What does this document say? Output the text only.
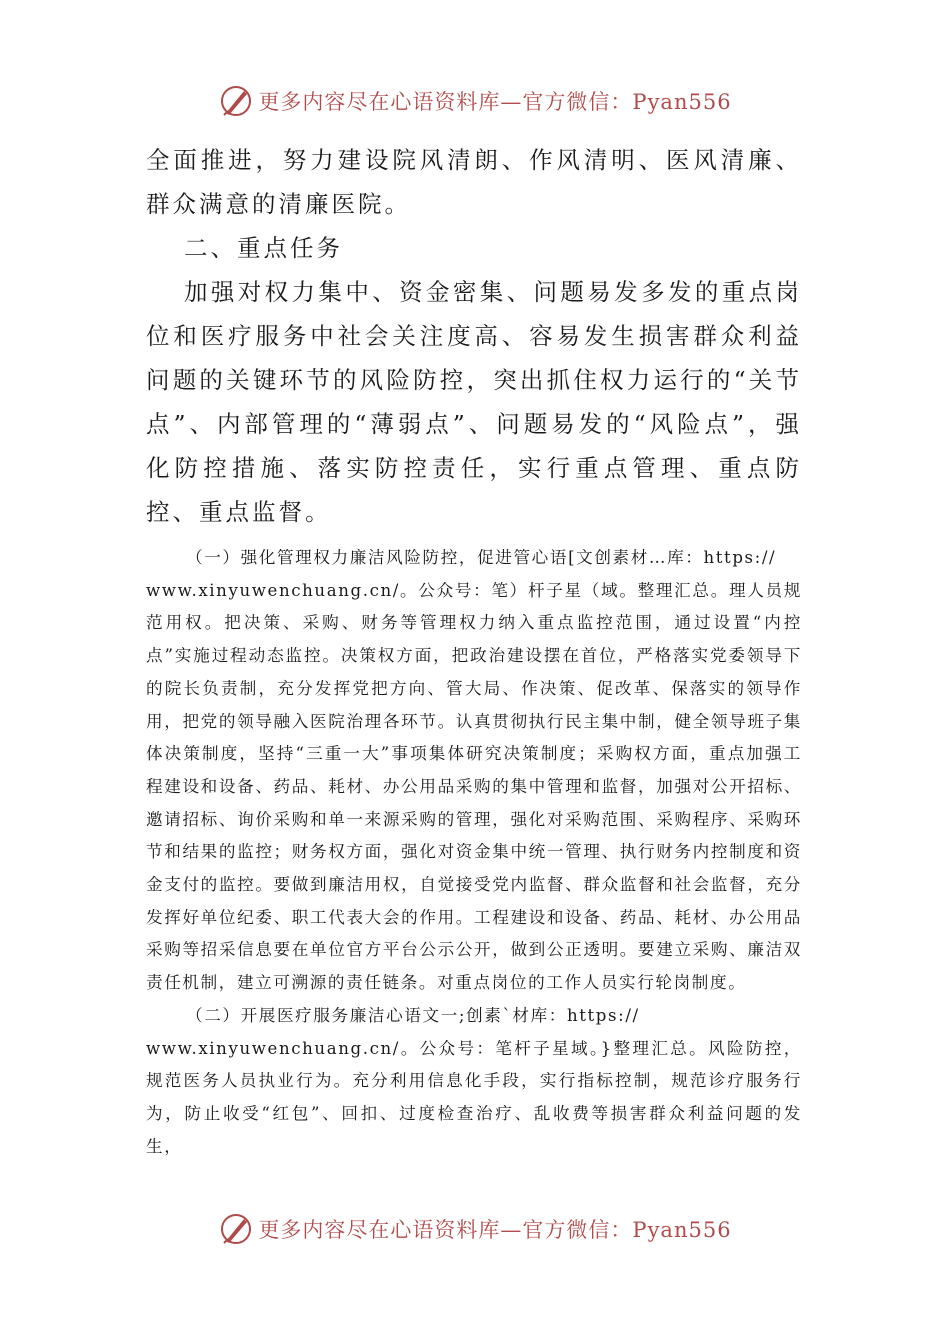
更多内容尽在心语资料库—官方微信：Pyan556

全面推进，努力建设院风清朗、作风清明、医风清廉、群众满意的清廉医院。

二、重点任务

加强对权力集中、资金密集、问题易发多发的重点岗位和医疗服务中社会关注度高、容易发生损害群众利益问题的关键环节的风险防控，突出抓住权力运行的“关节点”、内部管理的“薄弱点”、问题易发的“风险点”，强化防控措施、落实防控责任，实行重点管理、重点防控、重点监督。

（一）强化管理权力廉洁风险防控，促进管心语[文创素材…库：https://

www.xinyuwenchuang.cn/。公众号：笔）杆子星（域。整理汇总。理人员规范用权。把决策、采购、财务等管理权力纳入重点监控范围，通过设置“内控点”实施过程动态监控。决策权方面，把政治建设摆在首位，严格落实党委领导下的院长负责制，充分发挥党把方向、管大局、作决策、促改革、保落实的领导作用，把党的领导融入医院治理各环节。认真贯彻执行民主集中制，健全领导班子集体决策制度，坚持“三重一大”事项集体研究决策制度；采购权方面，重点加强工程建设和设备、药品、耗材、办公用品采购的集中管理和监督，加强对公开招标、邀请招标、询价采购和单一来源采购的管理，强化对采购范围、采购程序、采购环节和结果的监控；财务权方面，强化对资金集中统一管理、执行财务内控制度和资金支付的监控。要做到廉洁用权，自觉接受党内监督、群众监督和社会监督，充分发挥好单位纪委、职工代表大会的作用。工程建设和设备、药品、耗材、办公用品采购等招采信息要在单位官方平台公示公开，做到公正透明。要建立采购、廉洁双责任机制，建立可溯源的责任链条。对重点岗位的工作人员实行轮岗制度。

（二）开展医疗服务廉洁心语文一;创素`材库：https://

www.xinyuwenchuang.cn/。公众号：笔杆子星域。}整理汇总。风险防控，规范医务人员执业行为。充分利用信息化手段，实行指标控制，规范诊疗服务行为，防止收受“红包”、回扣、过度检查治疗、乱收费等损害群众利益问题的发生，

更多内容尽在心语资料库—官方微信：Pyan556
